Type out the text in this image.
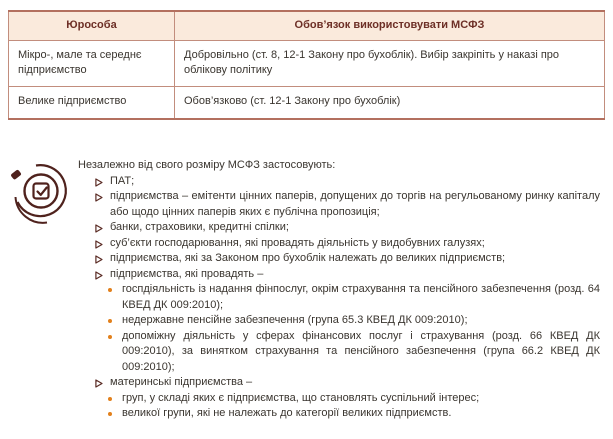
Юрособа	Обов’язок використовувати МСФЗ
Мікро-, мале та середнє підприємство	Добровільно (ст. 8, 12-1 Закону про бухоблік). Вибір закріпіть у наказі про облікову політику
Велике підприємство	Обов’язково (ст. 12-1 Закону про бухоблік)

Незалежно від свого розміру МСФЗ застосовують:

ПАТ;
підприємства – емітенти цінних паперів, допущених до торгів на регульованому ринку капіталу або щодо цінних паперів яких є публічна пропозиція;
банки, страховики, кредитні спілки;
суб’єкти господарювання, які провадять діяльність у видобувних галузях;
підприємства, які за Законом про бухоблік належать до великих підприємств;
підприємства, які провадять –
госпдіяльність із надання фінпослуг, окрім страхування та пенсійного забезпечення (розд. 64 КВЕД ДК 009:2010);
недержавне пенсійне забезпечення (група 65.3 КВЕД ДК 009:2010);
допоміжну діяльність у сферах фінансових послуг і страхування (розд. 66 КВЕД ДК 009:2010), за винятком страхування та пенсійного забезпечення (група 66.2 КВЕД ДК 009:2010);
материнські підприємства –
груп, у складі яких є підприємства, що становлять суспільний інтерес;
великої групи, які не належать до категорії великих підприємств.
